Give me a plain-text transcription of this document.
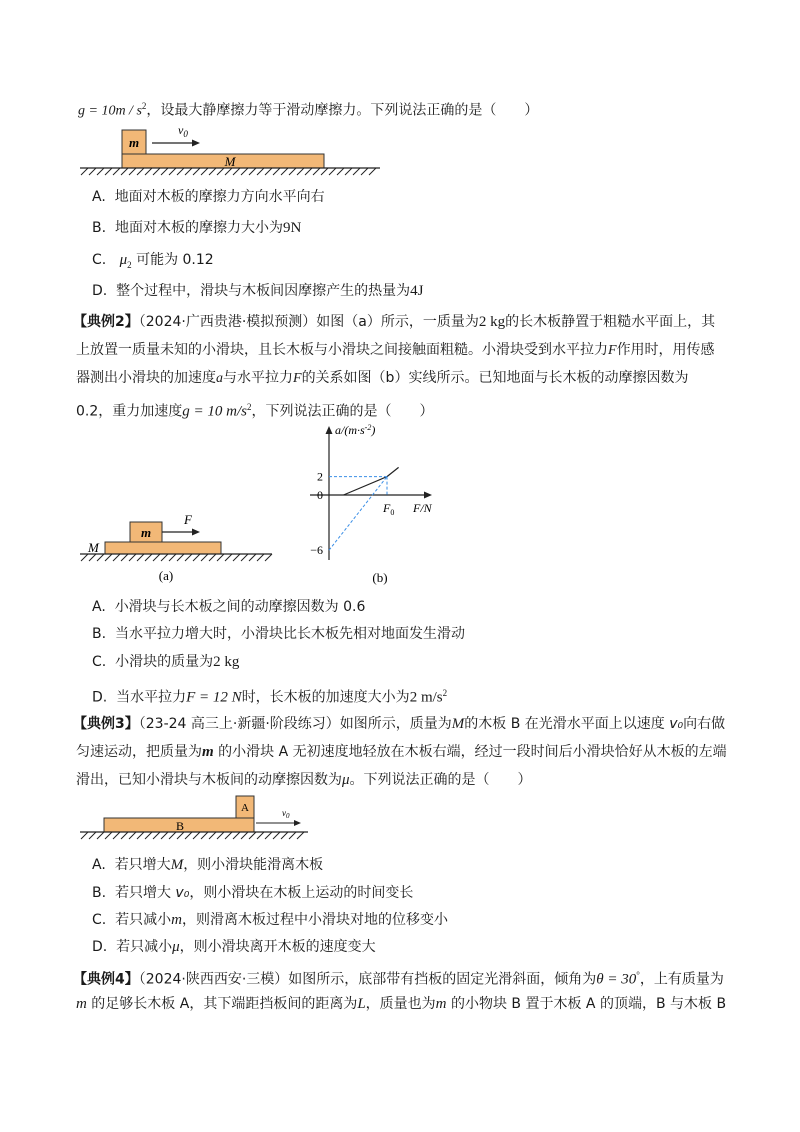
$g = 10m / s^2$，设最大静摩擦力等于滑动摩擦力。下列说法正确的是（　　）
m
M
$v_0$
A. 地面对木板的摩擦力方向水平向右
B. 地面对木板的摩擦力大小为9N
C. $\mu_2$ 可能为 0.12
D. 整个过程中，滑块与木板间因摩擦产生的热量为4J
【典例2】（2024·广西贵港·模拟预测）如图（a）所示，一质量为2 kg的长木板静置于粗糙水平面上，其
上放置一质量未知的小滑块，且长木板与小滑块之间接触面粗糙。小滑块受到水平拉力F作用时，用传感
器测出小滑块的加速度a与水平拉力F的关系如图（b）实线所示。已知地面与长木板的动摩擦因数为
0.2，重力加速度g = 10 $m/s^2$，下列说法正确的是（　　）
m
M
F
(a)
$a/(m\cdot s^{-2})$
F/N
2
0
−6
$F_0$
(b)
A. 小滑块与长木板之间的动摩擦因数为 0.6
B. 当水平拉力增大时，小滑块比长木板先相对地面发生滑动
C. 小滑块的质量为2 kg
D. 当水平拉力F = 12 N时，长木板的加速度大小为2 $m/s^2$
【典例3】（23-24 高三上·新疆·阶段练习）如图所示，质量为M的木板 B 在光滑水平面上以速度 v₀向右做
匀速运动，把质量为m 的小滑块 A 无初速度地轻放在木板右端，经过一段时间后小滑块恰好从木板的左端
滑出，已知小滑块与木板间的动摩擦因数为μ。下列说法正确的是（　　）
A
B
$v_0$
A. 若只增大M，则小滑块能滑离木板
B. 若只增大 v₀，则小滑块在木板上运动的时间变长
C. 若只减小m，则滑离木板过程中小滑块对地的位移变小
D. 若只减小μ，则小滑块离开木板的速度变大
【典例4】（2024·陕西西安·三模）如图所示，底部带有挡板的固定光滑斜面，倾角为θ = 30°，上有质量为
m 的足够长木板 A，其下端距挡板间的距离为L，质量也为m 的小物块 B 置于木板 A 的顶端，B 与木板 B
